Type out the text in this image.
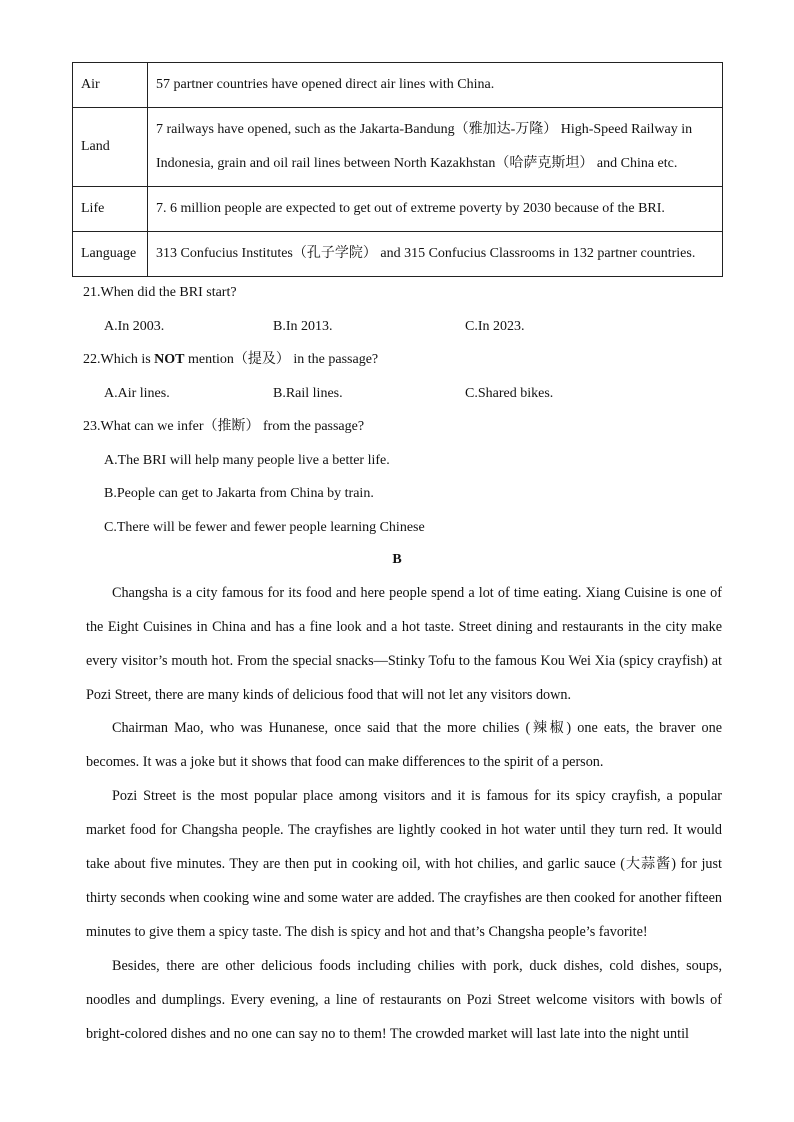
Air	57 partner countries have opened direct air lines with China.
Land	7 railways have opened, such as the Jakarta-Bandung（雅加达-万隆） High-Speed Railway in Indonesia, grain and oil rail lines between North Kazakhstan（哈萨克斯坦） and China etc.
Life	7. 6 million people are expected to get out of extreme poverty by 2030 because of the BRI.
Language	313 Confucius Institutes（孔子学院） and 315 Confucius Classrooms in 132 partner countries.
21.When did the BRI start?
A.In 2003.	B.In 2013.	C.In 2023.
22.Which is NOT mention（提及） in the passage?
A.Air lines.	B.Rail lines.	C.Shared bikes.
23.What can we infer（推断） from the passage?
A.The BRI will help many people live a better life.
B.People can get to Jakarta from China by train.
C.There will be fewer and fewer people learning Chinese
B
Changsha is a city famous for its food and here people spend a lot of time eating. Xiang Cuisine is one of the Eight Cuisines in China and has a fine look and a hot taste. Street dining and restaurants in the city make every visitor’s mouth hot. From the special snacks—Stinky Tofu to the famous Kou Wei Xia (spicy crayfish) at Pozi Street, there are many kinds of delicious food that will not let any visitors down.
Chairman Mao, who was Hunanese, once said that the more chilies (辣椒) one eats, the braver one becomes. It was a joke but it shows that food can make differences to the spirit of a person.
Pozi Street is the most popular place among visitors and it is famous for its spicy crayfish, a popular market food for Changsha people. The crayfishes are lightly cooked in hot water until they turn red. It would take about five minutes. They are then put in cooking oil, with hot chilies, and garlic sauce (大蒜酱) for just thirty seconds when cooking wine and some water are added. The crayfishes are then cooked for another fifteen minutes to give them a spicy taste. The dish is spicy and hot and that’s Changsha people’s favorite!
Besides, there are other delicious foods including chilies with pork, duck dishes, cold dishes, soups, noodles and dumplings. Every evening, a line of restaurants on Pozi Street welcome visitors with bowls of bright-colored dishes and no one can say no to them! The crowded market will last late into the night until
